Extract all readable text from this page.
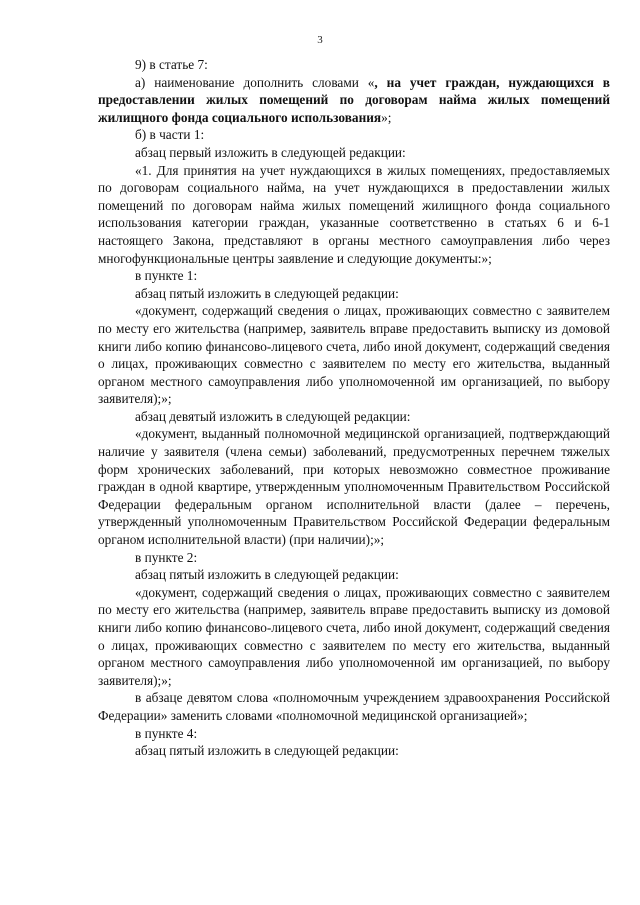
3

9) в статье 7:

а) наименование дополнить словами «, на учет граждан, нуждающихся в предоставлении жилых помещений по договорам найма жилых помещений жилищного фонда социального использования»;

б) в части 1:

абзац первый изложить в следующей редакции:

«1. Для принятия на учет нуждающихся в жилых помещениях, предоставляемых по договорам социального найма, на учет нуждающихся в предоставлении жилых помещений по договорам найма жилых помещений жилищного фонда социального использования категории граждан, указанные соответственно в статьях 6 и 6-1 настоящего Закона, представляют в органы местного самоуправления либо через многофункциональные центры заявление и следующие документы:»;

в пункте 1:

абзац пятый изложить в следующей редакции:

«документ, содержащий сведения о лицах, проживающих совместно с заявителем по месту его жительства (например, заявитель вправе предоставить выписку из домовой книги либо копию финансово-лицевого счета, либо иной документ, содержащий сведения о лицах, проживающих совместно с заявителем по месту его жительства, выданный органом местного самоуправления либо уполномоченной им организацией, по выбору заявителя);»;

абзац девятый изложить в следующей редакции:

«документ, выданный полномочной медицинской организацией, подтверждающий наличие у заявителя (члена семьи) заболеваний, предусмотренных перечнем тяжелых форм хронических заболеваний, при которых невозможно совместное проживание граждан в одной квартире, утвержденным уполномоченным Правительством Российской Федерации федеральным органом исполнительной власти (далее – перечень, утвержденный уполномоченным Правительством Российской Федерации федеральным органом исполнительной власти) (при наличии);»;

в пункте 2:

абзац пятый изложить в следующей редакции:

«документ, содержащий сведения о лицах, проживающих совместно с заявителем по месту его жительства (например, заявитель вправе предоставить выписку из домовой книги либо копию финансово-лицевого счета, либо иной документ, содержащий сведения о лицах, проживающих совместно с заявителем по месту его жительства, выданный органом местного самоуправления либо уполномоченной им организацией, по выбору заявителя);»;

в абзаце девятом слова «полномочным учреждением здравоохранения Российской Федерации» заменить словами «полномочной медицинской организацией»;

в пункте 4:

абзац пятый изложить в следующей редакции:
